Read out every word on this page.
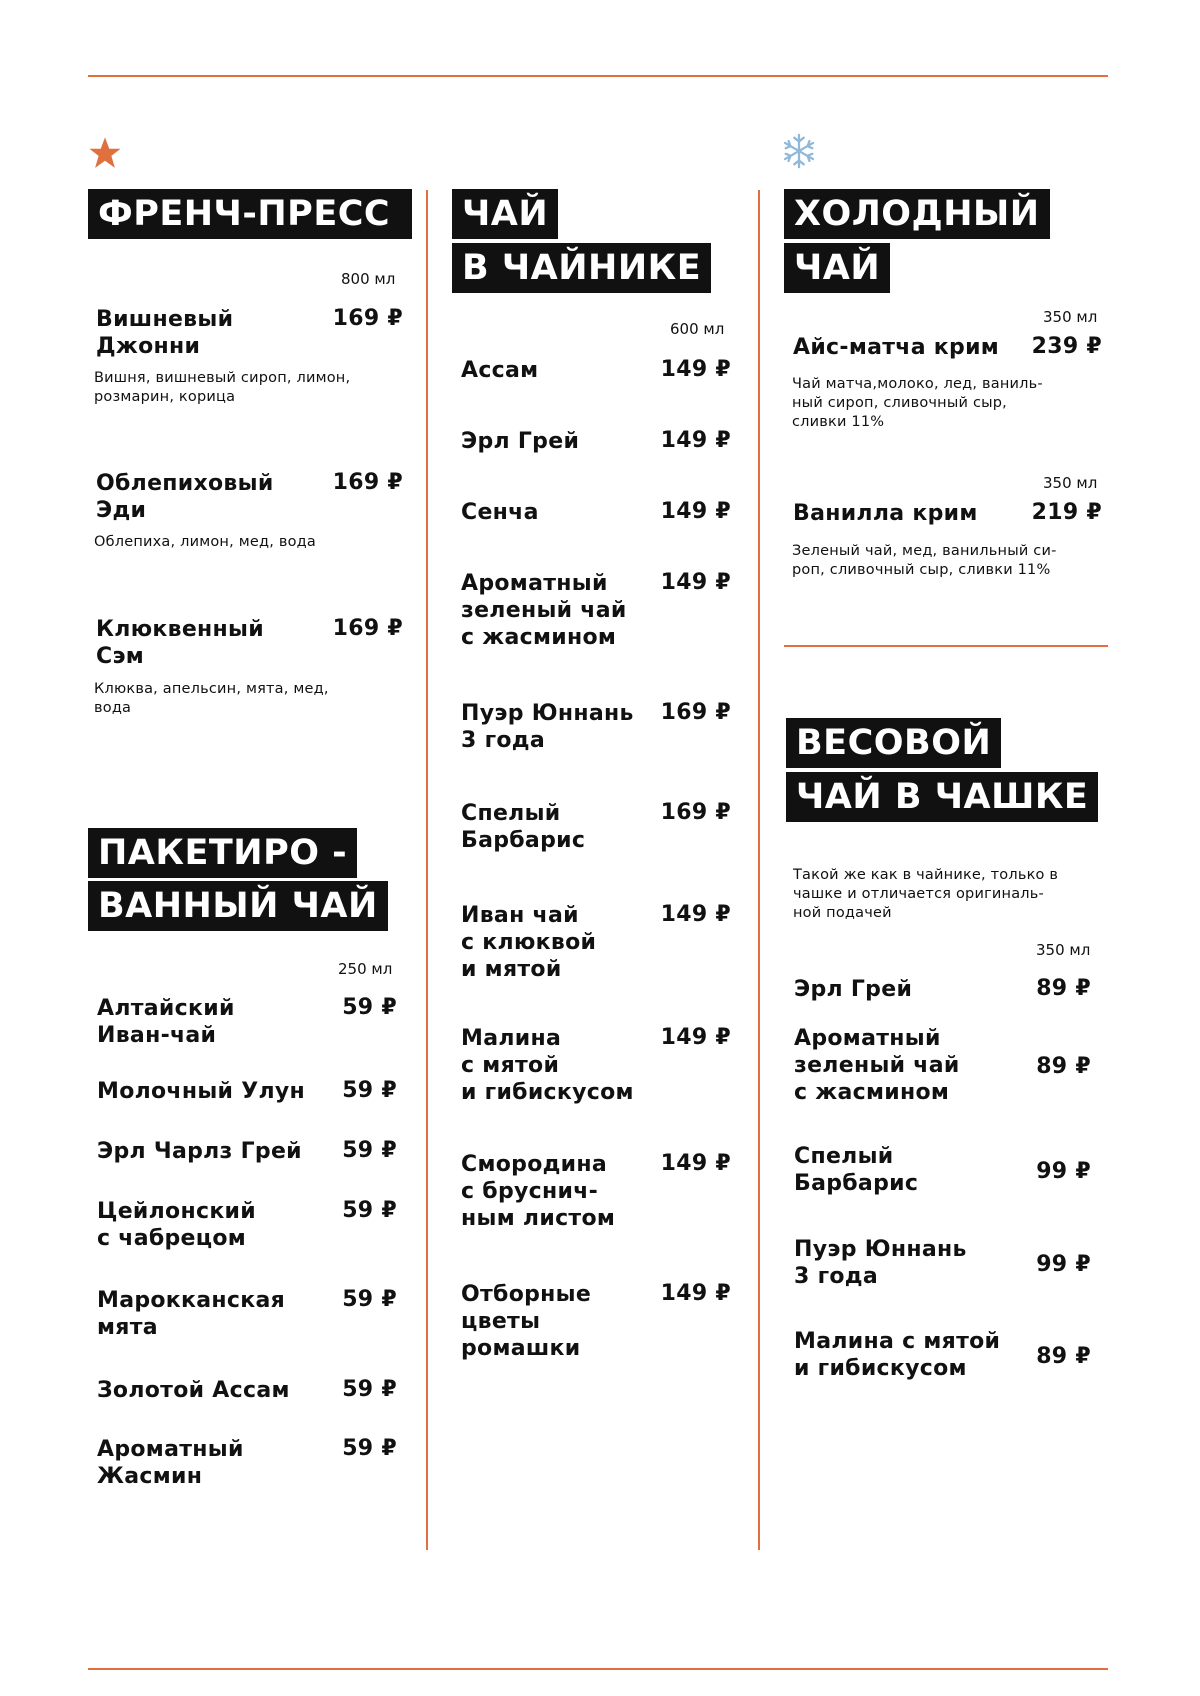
ФРЕНЧ-ПРЕСС
800 мл
Вишневый
Джонни
169 ₽
Вишня, вишневый сироп, лимон,
розмарин, корица
Облепиховый
Эди
169 ₽
Облепиха, лимон, мед, вода
Клюквенный
Сэм
169 ₽
Клюква, апельсин, мята, мед,
вода
ПАКЕТИРО -
ВАННЫЙ ЧАЙ
250 мл
Алтайский
Иван-чай
59 ₽
Молочный Улун	59 ₽
Эрл Чарлз Грей	59 ₽
Цейлонский
с чабрецом
59 ₽
Марокканская
мята
59 ₽
Золотой Ассам	59 ₽
Ароматный
Жасмин
59 ₽
ЧАЙ
В ЧАЙНИКЕ
600 мл
Ассам	149 ₽
Эрл Грей	149 ₽
Сенча	149 ₽
Ароматный
зеленый чай
с жасмином
149 ₽
Пуэр Юннань
3 года
169 ₽
Спелый
Барбарис
169 ₽
Иван чай
с клюквой
и мятой
149 ₽
Малина
с мятой
и гибискусом
149 ₽
Смородина
с бруснич-
ным листом
149 ₽
Отборные
цветы
ромашки
149 ₽
ХОЛОДНЫЙ
ЧАЙ
350 мл
Айс-матча крим	239 ₽
Чай матча,молоко, лед, ваниль-
ный сироп, сливочный сыр,
сливки 11%
350 мл
Ванилла крим	219 ₽
Зеленый чай, мед, ванильный си-
роп, сливочный сыр, сливки 11%
ВЕСОВОЙ
ЧАЙ В ЧАШКЕ
Такой же как в чайнике, только в
чашке и отличается оригиналь-
ной подачей
350 мл
Эрл Грей	89 ₽
Ароматный
зеленый чай
с жасмином
89 ₽
Спелый
Барбарис	99 ₽
Пуэр Юннань
3 года	99 ₽
Малина с мятой
и гибискусом	89 ₽
